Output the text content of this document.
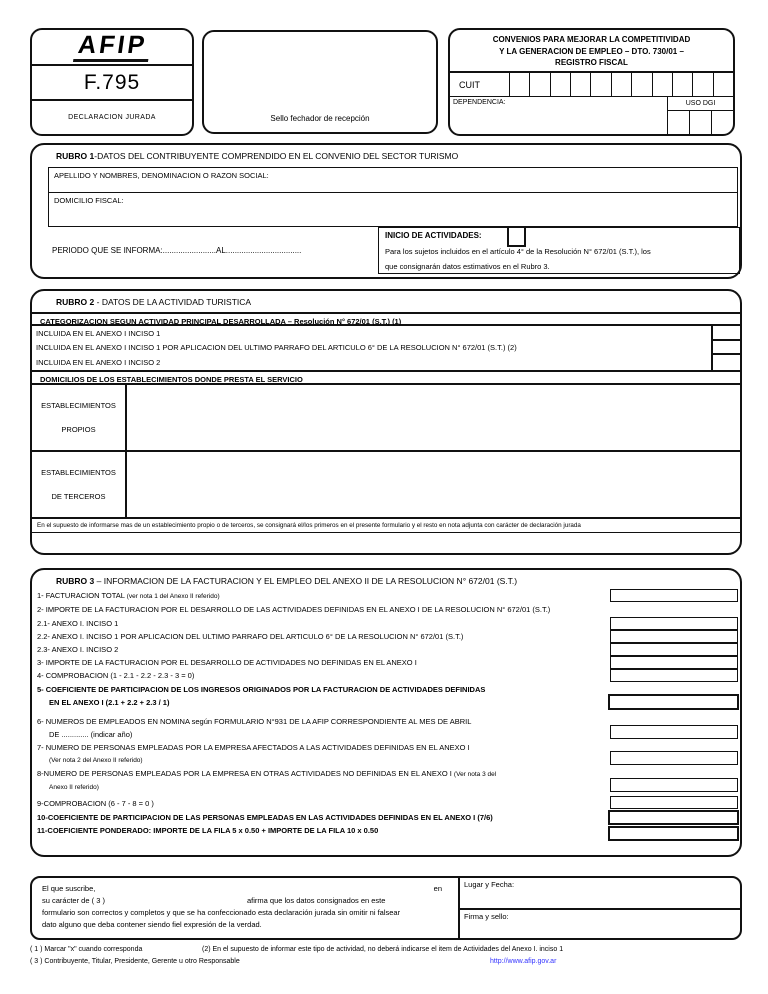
AFIP
F.795
DECLARACION JURADA	Sello fechador de recepción
CONVENIOS PARA MEJORAR LA COMPETITIVIDAD
Y LA GENERACION DE EMPLEO – DTO. 730/01 –
REGISTRO FISCAL
CUIT
DEPENDENCIA:	USO DGI
RUBRO 1-DATOS DEL CONTRIBUYENTE COMPRENDIDO EN EL CONVENIO DEL SECTOR TURISMO
APELLIDO Y NOMBRES, DENOMINACION O RAZON SOCIAL:
DOMICILIO FISCAL:
PERIODO QUE SE INFORMA:........................AL..................................
INICIO DE ACTIVIDADES:
Para los sujetos incluidos en el artículo 4° de la Resolución N° 672/01 (S.T.), los
que consignarán datos estimativos en el Rubro 3.
RUBRO 2 - DATOS DE LA ACTIVIDAD TURISTICA
CATEGORIZACION SEGUN ACTIVIDAD PRINCIPAL DESARROLLADA – Resolución N° 672/01 (S.T.) (1)
INCLUIDA EN EL ANEXO I INCISO 1
INCLUIDA EN EL ANEXO I INCISO 1 POR APLICACION DEL ULTIMO PARRAFO DEL ARTICULO 6° DE LA RESOLUCION N° 672/01 (S.T.) (2)
INCLUIDA EN EL ANEXO I INCISO 2
DOMICILIOS DE LOS ESTABLECIMIENTOS DONDE PRESTA EL SERVICIO
ESTABLECIMIENTOS
PROPIOS
ESTABLECIMIENTOS
DE TERCEROS
En el supuesto de informarse mas de un establecimiento propio o de terceros, se consignará el/los primeros en el presente formulario y el resto en nota adjunta con carácter de declaración jurada
RUBRO 3 – INFORMACION DE LA FACTURACION Y EL EMPLEO DEL ANEXO II DE LA RESOLUCION N° 672/01 (S.T.)
1- FACTURACION TOTAL (ver nota 1 del Anexo II referido)
2- IMPORTE DE LA FACTURACION POR EL DESARROLLO DE LAS ACTIVIDADES DEFINIDAS EN EL ANEXO I DE LA RESOLUCION N° 672/01 (S.T.)
2.1- ANEXO I. INCISO 1
2.2- ANEXO I. INCISO 1 POR APLICACION DEL ULTIMO PARRAFO DEL ARTICULO 6° DE LA RESOLUCION N° 672/01 (S.T.)
2.3- ANEXO I. INCISO 2
3- IMPORTE DE LA FACTURACION POR EL DESARROLLO DE ACTIVIDADES NO DEFINIDAS EN EL ANEXO I
4- COMPROBACION (1 - 2.1 - 2.2 - 2.3 - 3 = 0)
5- COEFICIENTE DE PARTICIPACION DE LOS INGRESOS ORIGINADOS POR LA FACTURACION DE ACTIVIDADES DEFINIDAS
EN EL ANEXO I (2.1 + 2.2 + 2.3 / 1)
6- NUMEROS DE EMPLEADOS EN NOMINA según FORMULARIO N°931 DE LA AFIP CORRESPONDIENTE AL MES DE ABRIL
DE ............. (indicar año)
7- NUMERO DE PERSONAS EMPLEADAS POR LA EMPRESA AFECTADOS A LAS ACTIVIDADES DEFINIDAS EN EL ANEXO I
(Ver nota 2 del Anexo II referido)
8-NUMERO DE PERSONAS EMPLEADAS POR LA EMPRESA EN OTRAS ACTIVIDADES NO DEFINIDAS EN EL ANEXO I (Ver nota 3 del
Anexo II referido)
9-COMPROBACION (6 - 7 - 8 = 0 )
10-COEFICIENTE DE PARTICIPACION DE LAS PERSONAS EMPLEADAS EN LAS ACTIVIDADES DEFINIDAS EN EL ANEXO I (7/6)
11-COEFICIENTE PONDERADO: IMPORTE DE LA FILA 5 x 0.50 + IMPORTE DE LA FILA 10 x 0.50
El que suscribe,	en
su carácter de ( 3 )	afirma que los datos consignados en este
formulario son correctos y completos y que se ha confeccionado esta declaración jurada sin omitir ni falsear
dato alguno que deba contener siendo fiel expresión de la verdad.
Lugar y Fecha:
Firma y sello:
( 1 ) Marcar "x" cuando corresponda	(2) En el supuesto de informar este tipo de actividad, no deberá indicarse el item de Actividades del Anexo I. inciso 1
( 3 ) Contribuyente, Titular, Presidente, Gerente u otro Responsable	http://www.afip.gov.ar
